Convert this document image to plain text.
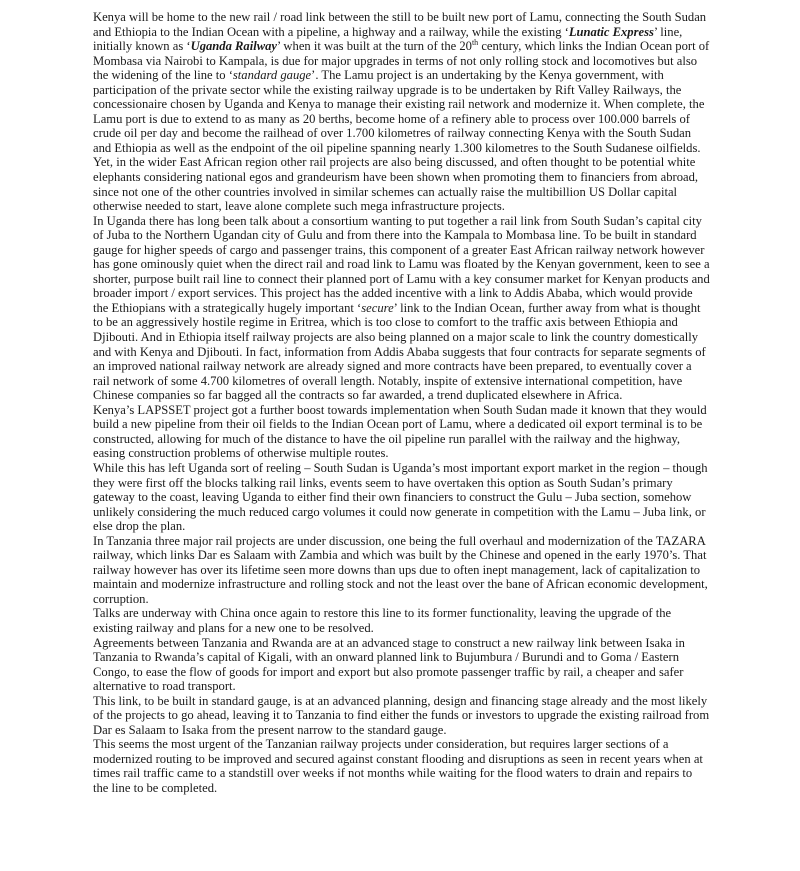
Kenya will be home to the new rail / road link between the still to be built new port of Lamu, connecting the South Sudan and Ethiopia to the Indian Ocean with a pipeline, a highway and a railway, while the existing ‘Lunatic Express’ line, initially known as ‘Uganda Railway’ when it was built at the turn of the 20th century, which links the Indian Ocean port of Mombasa via Nairobi to Kampala, is due for major upgrades in terms of not only rolling stock and locomotives but also the widening of the line to ‘standard gauge’. The Lamu project is an undertaking by the Kenya government, with participation of the private sector while the existing railway upgrade is to be undertaken by Rift Valley Railways, the concessionaire chosen by Uganda and Kenya to manage their existing rail network and modernize it. When complete, the Lamu port is due to extend to as many as 20 berths, become home of a refinery able to process over 100.000 barrels of crude oil per day and become the railhead of over 1.700 kilometres of railway connecting Kenya with the South Sudan and Ethiopia as well as the endpoint of the oil pipeline spanning nearly 1.300 kilometres to the South Sudanese oilfields.

Yet, in the wider East African region other rail projects are also being discussed, and often thought to be potential white elephants considering national egos and grandeurism have been shown when promoting them to financiers from abroad, since not one of the other countries involved in similar schemes can actually raise the multibillion US Dollar capital otherwise needed to start, leave alone complete such mega infrastructure projects.

In Uganda there has long been talk about a consortium wanting to put together a rail link from South Sudan’s capital city of Juba to the Northern Ugandan city of Gulu and from there into the Kampala to Mombasa line. To be built in standard gauge for higher speeds of cargo and passenger trains, this component of a greater East African railway network however has gone ominously quiet when the direct rail and road link to Lamu was floated by the Kenyan government, keen to see a shorter, purpose built rail line to connect their planned port of Lamu with a key consumer market for Kenyan products and broader import / export services. This project has the added incentive with a link to Addis Ababa, which would provide the Ethiopians with a strategically hugely important ‘secure’ link to the Indian Ocean, further away from what is thought to be an aggressively hostile regime in Eritrea, which is too close to comfort to the traffic axis between Ethiopia and Djibouti. And in Ethiopia itself railway projects are also being planned on a major scale to link the country domestically and with Kenya and Djibouti. In fact, information from Addis Ababa suggests that four contracts for separate segments of an improved national railway network are already signed and more contracts have been prepared, to eventually cover a rail network of some 4.700 kilometres of overall length. Notably, inspite of extensive international competition, have Chinese companies so far bagged all the contracts so far awarded, a trend duplicated elsewhere in Africa.

Kenya’s LAPSSET project got a further boost towards implementation when South Sudan made it known that they would build a new pipeline from their oil fields to the Indian Ocean port of Lamu, where a dedicated oil export terminal is to be constructed, allowing for much of the distance to have the oil pipeline run parallel with the railway and the highway, easing construction problems of otherwise multiple routes.

While this has left Uganda sort of reeling – South Sudan is Uganda’s most important export market in the region – though they were first off the blocks talking rail links, events seem to have overtaken this option as South Sudan’s primary gateway to the coast, leaving Uganda to either find their own financiers to construct the Gulu – Juba section, somehow unlikely considering the much reduced cargo volumes it could now generate in competition with the Lamu – Juba link, or else drop the plan.

In Tanzania three major rail projects are under discussion, one being the full overhaul and modernization of the TAZARA railway, which links Dar es Salaam with Zambia and which was built by the Chinese and opened in the early 1970’s. That railway however has over its lifetime seen more downs than ups due to often inept management, lack of capitalization to maintain and modernize infrastructure and rolling stock and not the least over the bane of African economic development, corruption.

Talks are underway with China once again to restore this line to its former functionality, leaving the upgrade of the existing railway and plans for a new one to be resolved.

Agreements between Tanzania and Rwanda are at an advanced stage to construct a new railway link between Isaka in Tanzania to Rwanda’s capital of Kigali, with an onward planned link to Bujumbura / Burundi and to Goma / Eastern Congo, to ease the flow of goods for import and export but also promote passenger traffic by rail, a cheaper and safer alternative to road transport.

This link, to be built in standard gauge, is at an advanced planning, design and financing stage already and the most likely of the projects to go ahead, leaving it to Tanzania to find either the funds or investors to upgrade the existing railroad from Dar es Salaam to Isaka from the present narrow to the standard gauge.

This seems the most urgent of the Tanzanian railway projects under consideration, but requires larger sections of a modernized routing to be improved and secured against constant flooding and disruptions as seen in recent years when at times rail traffic came to a standstill over weeks if not months while waiting for the flood waters to drain and repairs to the line to be completed.
